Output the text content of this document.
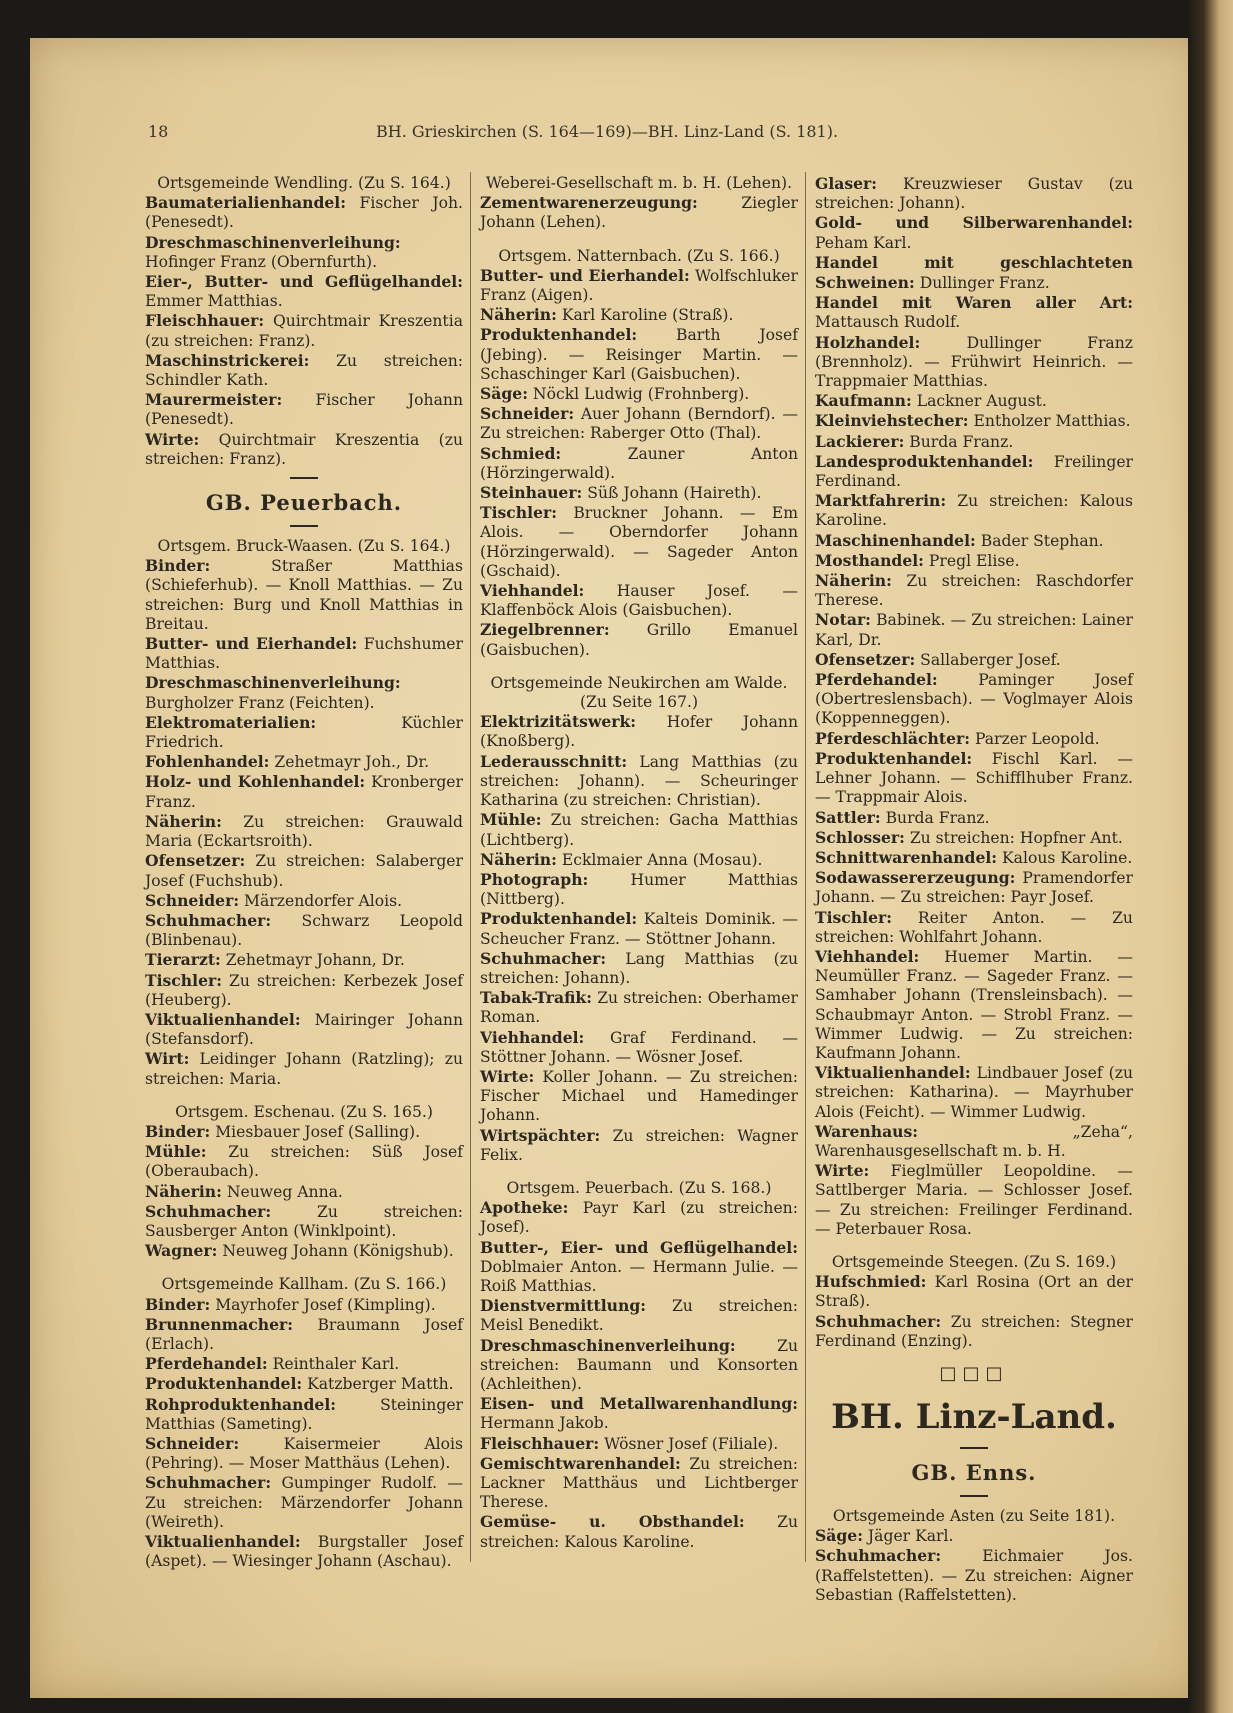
18	BH. Grieskirchen (S. 164—169)—BH. Linz-Land (S. 181).

Ortsgemeinde Wendling. (Zu S. 164.)

Baumaterialienhandel: Fischer Joh. (Penesedt).

Dreschmaschinenverleihung: Hofinger Franz (Obernfurth).

Eier-, Butter- und Geflügelhandel: Emmer Matthias.

Fleischhauer: Quirchtmair Kreszentia (zu streichen: Franz).

Maschinstrickerei: Zu streichen: Schindler Kath.

Maurermeister: Fischer Johann (Penesedt).

Wirte: Quirchtmair Kreszentia (zu streichen: Franz).

GB. Peuerbach.

Ortsgem. Bruck-Waasen. (Zu S. 164.)

Binder:	Straßer Matthias (Schieferhub). — Knoll Matthias. — Zu streichen: Burg und Knoll Matthias in Breitau.

Butter- und Eierhandel: Fuchshumer Matthias.

Dreschmaschinenverleihung: Burgholzer Franz (Feichten).

Elektromaterialien:	Küchler Friedrich.

Fohlenhandel: Zehetmayr Joh., Dr.

Holz- und Kohlenhandel: Kronberger Franz.

Näherin: Zu streichen: Grauwald Maria (Eckartsroith).

Ofensetzer: Zu streichen: Salaberger Josef (Fuchshub).

Schneider: Märzendorfer Alois.

Schuhmacher: Schwarz Leopold (Blinbenau).

Tierarzt: Zehetmayr Johann, Dr.

Tischler: Zu streichen: Kerbezek Josef (Heuberg).

Viktualienhandel: Mairinger Johann (Stefansdorf).

Wirt: Leidinger Johann (Ratzling); zu streichen: Maria.

Ortsgem. Eschenau. (Zu S. 165.)

Binder: Miesbauer Josef (Salling).

Mühle: Zu streichen: Süß Josef (Oberaubach).

Näherin: Neuweg Anna.

Schuhmacher:	Zu streichen: Sausberger Anton (Winklpoint).

Wagner: Neuweg Johann (Königshub).

Ortsgemeinde Kallham. (Zu S. 166.)

Binder: Mayrhofer Josef (Kimpling).

Brunnenmacher: Braumann Josef (Erlach).

Pferdehandel: Reinthaler Karl.

Produktenhandel: Katzberger Matth.

Rohproduktenhandel:	Steininger Matthias (Sameting).

Schneider:	Kaisermeier Alois (Pehring). — Moser Matthäus (Lehen).

Schuhmacher: Gumpinger Rudolf. — Zu streichen: Märzendorfer Johann (Weireth).

Viktualienhandel: Burgstaller Josef (Aspet). — Wiesinger Johann (Aschau).

Weberei-Gesellschaft m. b. H. (Lehen).

Zementwarenerzeugung:	Ziegler Johann (Lehen).

Ortsgem. Natternbach. (Zu S. 166.)

Butter- und Eierhandel: Wolfschluker Franz (Aigen).

Näherin: Karl Karoline (Straß).

Produktenhandel: Barth Josef (Jebing). — Reisinger Martin. — Schaschinger Karl (Gaisbuchen).

Säge: Nöckl Ludwig (Frohnberg).

Schneider: Auer Johann (Berndorf). — Zu streichen: Raberger Otto (Thal).

Schmied:	Zauner Anton (Hörzingerwald).

Steinhauer: Süß Johann (Haireth).

Tischler: Bruckner Johann. — Em Alois. — Oberndorfer Johann (Hörzingerwald). — Sageder Anton (Gschaid).

Viehhandel: Hauser Josef. — Klaffenböck Alois (Gaisbuchen).

Ziegelbrenner: Grillo Emanuel (Gaisbuchen).

Ortsgemeinde Neukirchen am Walde. (Zu Seite 167.)

Elektrizitätswerk: Hofer Johann (Knoßberg).

Lederausschnitt: Lang Matthias (zu streichen: Johann). — Scheuringer Katharina (zu streichen: Christian).

Mühle: Zu streichen: Gacha Matthias (Lichtberg).

Näherin: Ecklmaier Anna (Mosau).

Photograph:	Humer Matthias (Nittberg).

Produktenhandel: Kalteis Dominik. — Scheucher Franz. — Stöttner Johann.

Schuhmacher: Lang Matthias (zu streichen: Johann).

Tabak-Trafik: Zu streichen: Oberhamer Roman.

Viehhandel: Graf Ferdinand. — Stöttner Johann. — Wösner Josef.

Wirte: Koller Johann. — Zu streichen: Fischer Michael und Hamedinger Johann.

Wirtspächter: Zu streichen: Wagner Felix.

Ortsgem. Peuerbach. (Zu S. 168.)

Apotheke: Payr Karl (zu streichen: Josef).

Butter-, Eier- und Geflügelhandel: Doblmaier Anton. — Hermann Julie. — Roiß Matthias.

Dienstvermittlung: Zu streichen: Meisl Benedikt.

Dreschmaschinenverleihung:	Zu streichen: Baumann und Konsorten (Achleithen).

Eisen- und Metallwarenhandlung: Hermann Jakob.

Fleischhauer: Wösner Josef (Filiale).

Gemischtwarenhandel: Zu streichen: Lackner Matthäus und Lichtberger Therese.

Gemüse- u. Obsthandel: Zu streichen: Kalous Karoline.

Glaser: Kreuzwieser Gustav (zu streichen: Johann).

Gold- und Silberwarenhandel: Peham Karl.

Handel mit geschlachteten Schweinen: Dullinger Franz.

Handel mit Waren aller Art: Mattausch Rudolf.

Holzhandel:	Dullinger Franz (Brennholz). — Frühwirt Heinrich. — Trappmaier Matthias.

Kaufmann: Lackner August.

Kleinviehstecher: Entholzer Matthias.

Lackierer: Burda Franz.

Landesproduktenhandel: Freilinger Ferdinand.

Marktfahrerin: Zu streichen: Kalous Karoline.

Maschinenhandel: Bader Stephan.

Mosthandel: Pregl Elise.

Näherin: Zu streichen: Raschdorfer Therese.

Notar: Babinek. — Zu streichen: Lainer Karl, Dr.

Ofensetzer: Sallaberger Josef.

Pferdehandel:	Paminger Josef (Obertreslensbach). — Voglmayer Alois (Koppenneggen).

Pferdeschlächter: Parzer Leopold.

Produktenhandel: Fischl Karl. — Lehner Johann. — Schifflhuber Franz. — Trappmair Alois.

Sattler: Burda Franz.

Schlosser: Zu streichen: Hopfner Ant.

Schnittwarenhandel: Kalous Karoline.

Sodawassererzeugung: Pramendorfer Johann. — Zu streichen: Payr Josef.

Tischler: Reiter Anton. — Zu streichen: Wohlfahrt Johann.

Viehhandel: Huemer Martin. — Neumüller Franz. — Sageder Franz. — Samhaber Johann (Trensleinsbach). — Schaubmayr Anton. — Strobl Franz. — Wimmer Ludwig. — Zu streichen: Kaufmann Johann.

Viktualienhandel: Lindbauer Josef (zu streichen: Katharina). — Mayrhuber Alois (Feicht). — Wimmer Ludwig.

Warenhaus:	„Zeha“, Warenhausgesellschaft m. b. H.

Wirte: Fieglmüller Leopoldine. — Sattlberger Maria. — Schlosser Josef. — Zu streichen: Freilinger Ferdinand. — Peterbauer Rosa.

Ortsgemeinde Steegen. (Zu S. 169.)

Hufschmied: Karl Rosina (Ort an der Straß).

Schuhmacher: Zu streichen: Stegner Ferdinand (Enzing).

□□□

BH. Linz-Land.

GB. Enns.

Ortsgemeinde Asten (zu Seite 181).

Säge: Jäger Karl.

Schuhmacher:	Eichmaier Jos. (Raffelstetten). — Zu streichen: Aigner Sebastian (Raffelstetten).
